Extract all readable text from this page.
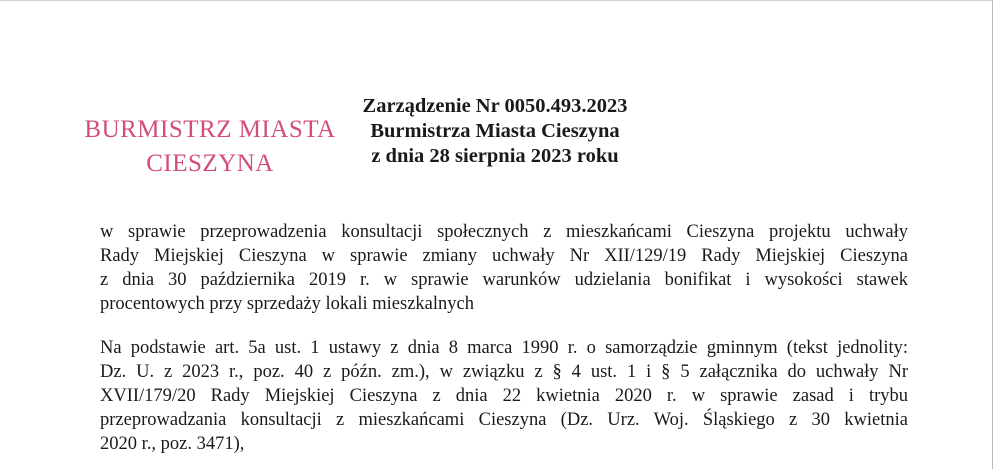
BURMISTRZ MIASTA
CIESZYNA
Zarządzenie Nr 0050.493.2023
Burmistrza Miasta Cieszyna
z dnia 28 sierpnia 2023 roku
w sprawie przeprowadzenia konsultacji społecznych z mieszkańcami Cieszyna projektu uchwały
Rady Miejskiej Cieszyna w sprawie zmiany uchwały Nr XII/129/19 Rady Miejskiej Cieszyna
z dnia 30 października 2019 r. w sprawie warunków udzielania bonifikat i wysokości stawek
procentowych przy sprzedaży lokali mieszkalnych
Na podstawie art. 5a ust. 1 ustawy z dnia 8 marca 1990 r. o samorządzie gminnym (tekst jednolity:
Dz. U. z 2023 r., poz. 40 z późn. zm.), w związku z § 4 ust. 1 i § 5 załącznika do uchwały Nr
XVII/179/20 Rady Miejskiej Cieszyna z dnia 22 kwietnia 2020 r. w sprawie zasad i trybu
przeprowadzania konsultacji z mieszkańcami Cieszyna (Dz. Urz. Woj. Śląskiego z 30 kwietnia
2020 r., poz. 3471),
